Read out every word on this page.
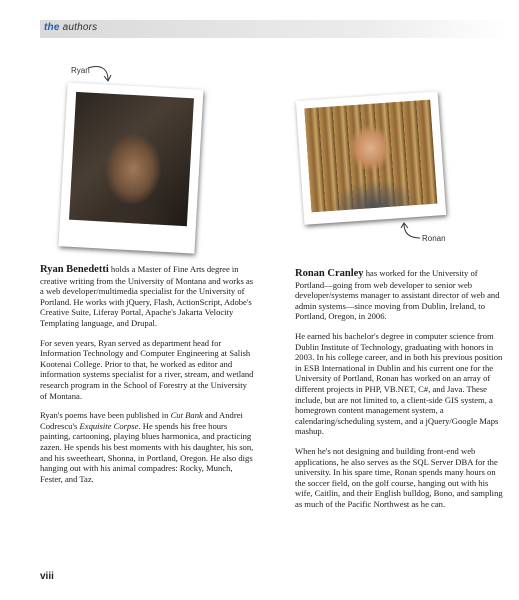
the authors
Ryan
Ronan

Ryan Benedetti holds a Master of Fine Arts degree in creative writing from the University of Montana and works as a web developer/multimedia specialist for the University of Portland. He works with jQuery, Flash, ActionScript, Adobe's Creative Suite, Liferay Portal, Apache's Jakarta Velocity Templating language, and Drupal.

For seven years, Ryan served as department head for Information Technology and Computer Engineering at Salish Kootenai College. Prior to that, he worked as editor and information systems specialist for a river, stream, and wetland research program in the School of Forestry at the University of Montana.

Ryan's poems have been published in Cut Bank and Andrei Codrescu's Exquisite Corpse. He spends his free hours painting, cartooning, playing blues harmonica, and practicing zazen. He spends his best moments with his daughter, his son, and his sweetheart, Shonna, in Portland, Oregon. He also digs hanging out with his animal compadres: Rocky, Munch, Fester, and Taz.

Ronan Cranley has worked for the University of Portland—going from web developer to senior web developer/systems manager to assistant director of web and admin systems—since moving from Dublin, Ireland, to Portland, Oregon, in 2006.

He earned his bachelor's degree in computer science from Dublin Institute of Technology, graduating with honors in 2003. In his college career, and in both his previous position in ESB International in Dublin and his current one for the University of Portland, Ronan has worked on an array of different projects in PHP, VB.NET, C#, and Java. These include, but are not limited to, a client-side GIS system, a homegrown content management system, a calendaring/scheduling system, and a jQuery/Google Maps mashup.

When he's not designing and building front-end web applications, he also serves as the SQL Server DBA for the university. In his spare time, Ronan spends many hours on the soccer field, on the golf course, hanging out with his wife, Caitlin, and their English bulldog, Bono, and sampling as much of the Pacific Northwest as he can.

viii
